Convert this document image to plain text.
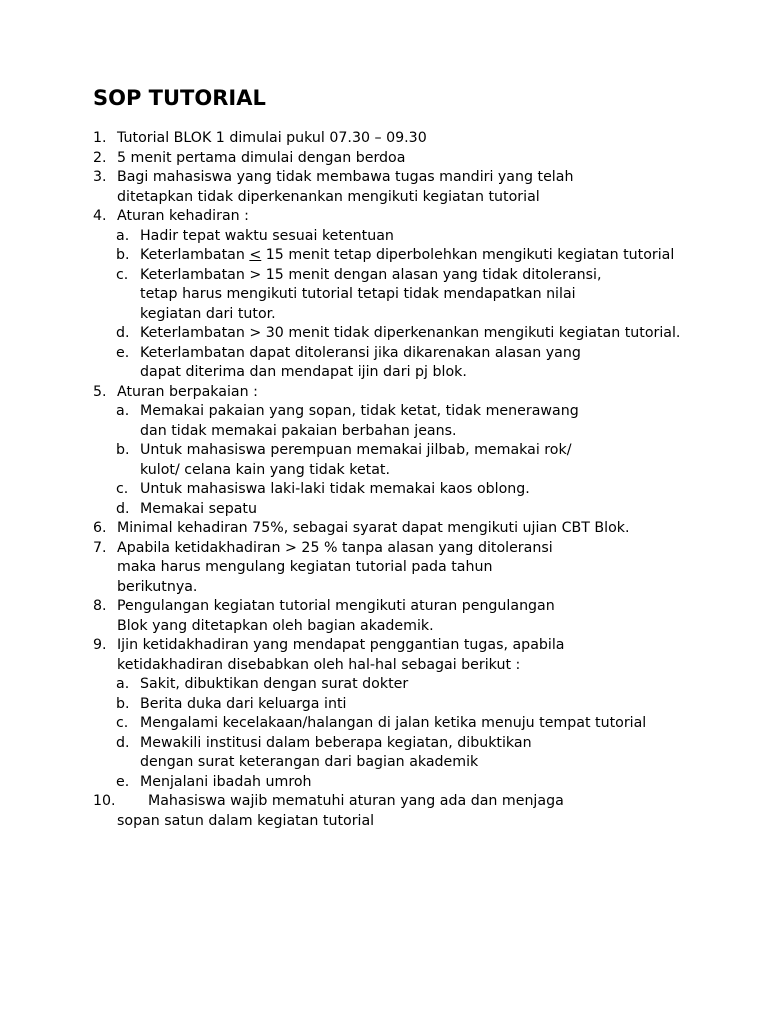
SOP TUTORIAL
1. Tutorial BLOK 1 dimulai pukul 07.30 – 09.30
2. 5 menit pertama dimulai dengan berdoa
3. Bagi mahasiswa yang tidak membawa tugas mandiri yang telah
ditetapkan tidak diperkenankan mengikuti kegiatan tutorial
4. Aturan kehadiran :
a. Hadir tepat waktu sesuai ketentuan
b. Keterlambatan < 15 menit tetap diperbolehkan mengikuti kegiatan tutorial
c. Keterlambatan > 15 menit dengan alasan yang tidak ditoleransi,
tetap harus mengikuti tutorial tetapi tidak mendapatkan nilai
kegiatan dari tutor.
d. Keterlambatan > 30 menit tidak diperkenankan mengikuti kegiatan tutorial.
e. Keterlambatan dapat ditoleransi jika dikarenakan alasan yang
dapat diterima dan mendapat ijin dari pj blok.
5. Aturan berpakaian :
a. Memakai pakaian yang sopan, tidak ketat, tidak menerawang
dan tidak memakai pakaian berbahan jeans.
b. Untuk mahasiswa perempuan memakai jilbab, memakai rok/
kulot/ celana kain yang tidak ketat.
c. Untuk mahasiswa laki-laki tidak memakai kaos oblong.
d. Memakai sepatu
6. Minimal kehadiran 75%, sebagai syarat dapat mengikuti ujian CBT Blok.
7. Apabila ketidakhadiran > 25 % tanpa alasan yang ditoleransi
maka harus mengulang kegiatan tutorial pada tahun
berikutnya.
8. Pengulangan kegiatan tutorial mengikuti aturan pengulangan
Blok yang ditetapkan oleh bagian akademik.
9. Ijin ketidakhadiran yang mendapat penggantian tugas, apabila
ketidakhadiran disebabkan oleh hal-hal sebagai berikut :
a. Sakit, dibuktikan dengan surat dokter
b. Berita duka dari keluarga inti
c. Mengalami kecelakaan/halangan di jalan ketika menuju tempat tutorial
d. Mewakili institusi dalam beberapa kegiatan, dibuktikan
dengan surat keterangan dari bagian akademik
e. Menjalani ibadah umroh
10. Mahasiswa wajib mematuhi aturan yang ada dan menjaga
sopan satun dalam kegiatan tutorial
